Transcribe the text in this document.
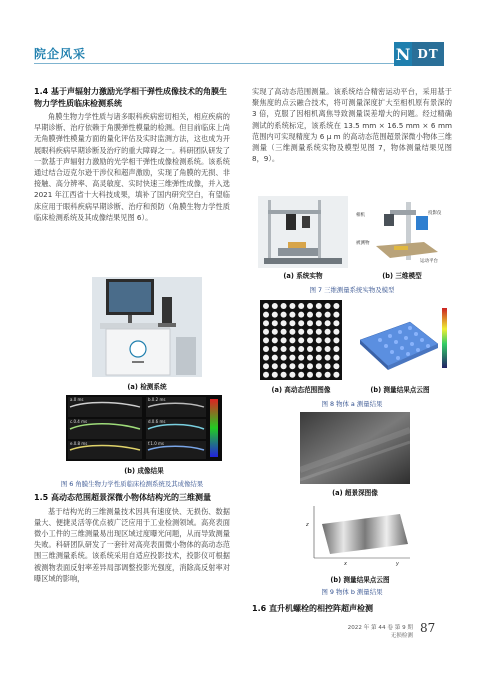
院企风采	N DT
1.4 基于声辐射力激励光学相干弹性成像技术的角膜生物力学性质临床检测系统
角膜生物力学性质与诸多眼科疾病密切相关，相应疾病的早期诊断、治疗依赖于角膜弹性模量的检测。但目前临床上尚无角膜弹性模量方面的量化评估及实时监测方法，这也成为开展眼科疾病早期诊断及治疗的重大障碍之一。科研团队研发了一款基于声辐射力激励的光学相干弹性成像检测系统。该系统通过结合迈克尔逊干涉仪和超声激励，实现了角膜的无损、非接触、高分辨率、高灵敏度、实时快速三维弹性成像，并入选 2021 年江西省十大科技成果，填补了国内研究空白，有望临床应用于眼科疾病早期诊断、治疗和预防（角膜生物力学性质临床检测系统及其成像结果见图 6）。
(a) 检测系统
a.0 ms	b.0.2 ms
c.0.4 ms	d.0.6 ms
e.0.8 ms	f.1.0 ms
(b) 成像结果
图 6 角膜生物力学性质临床检测系统及其成像结果
1.5 高动态范围超景深微小物体结构光的三维测量
基于结构光的三维测量技术因具有速度快、无损伤、数据量大、便捷灵活等优点被广泛应用于工业检测领域。高亮表面微小工件的三维测量易出现区域过度曝光问题，从而导致测量失败。科研团队研发了一套针对高亮表面微小物体的高动态范围三维测量系统。该系统采用自适应投影技术，投影仪可根据被测物表面反射率差异局部调整投影光强度，消除高反射率对曝区域的影响，
实现了高动态范围测量。该系统结合精密运动平台，采用基于聚焦度的点云融合技术，将可测量深度扩大至相机原有景深的 3 倍，克服了因相机离焦导致测量误差增大的问题。经过精确测试的系统标定，该系统在 13.5 mm × 16.5 mm × 6 mm 范围内可实现精度为 6 μ m 的高动态范围超景深微小物体三维测量（三维测量系统实物及模型见图 7，物体测量结果见图 8，9）。
(a) 系统实物
相机	投影仪
被测物
运动平台
(b) 三维模型
图 7 三维测量系统实物及模型
(a) 高动态范围图像	(b) 测量结果点云图
图 8 物体 a 测量结果
(a) 超景深图像
x	y
z
(b) 测量结果点云图
图 9 物体 b 测量结果
1.6 直升机螺栓的相控阵超声检测
2022 年 第 44 卷 第 9 期
无损检测
87
